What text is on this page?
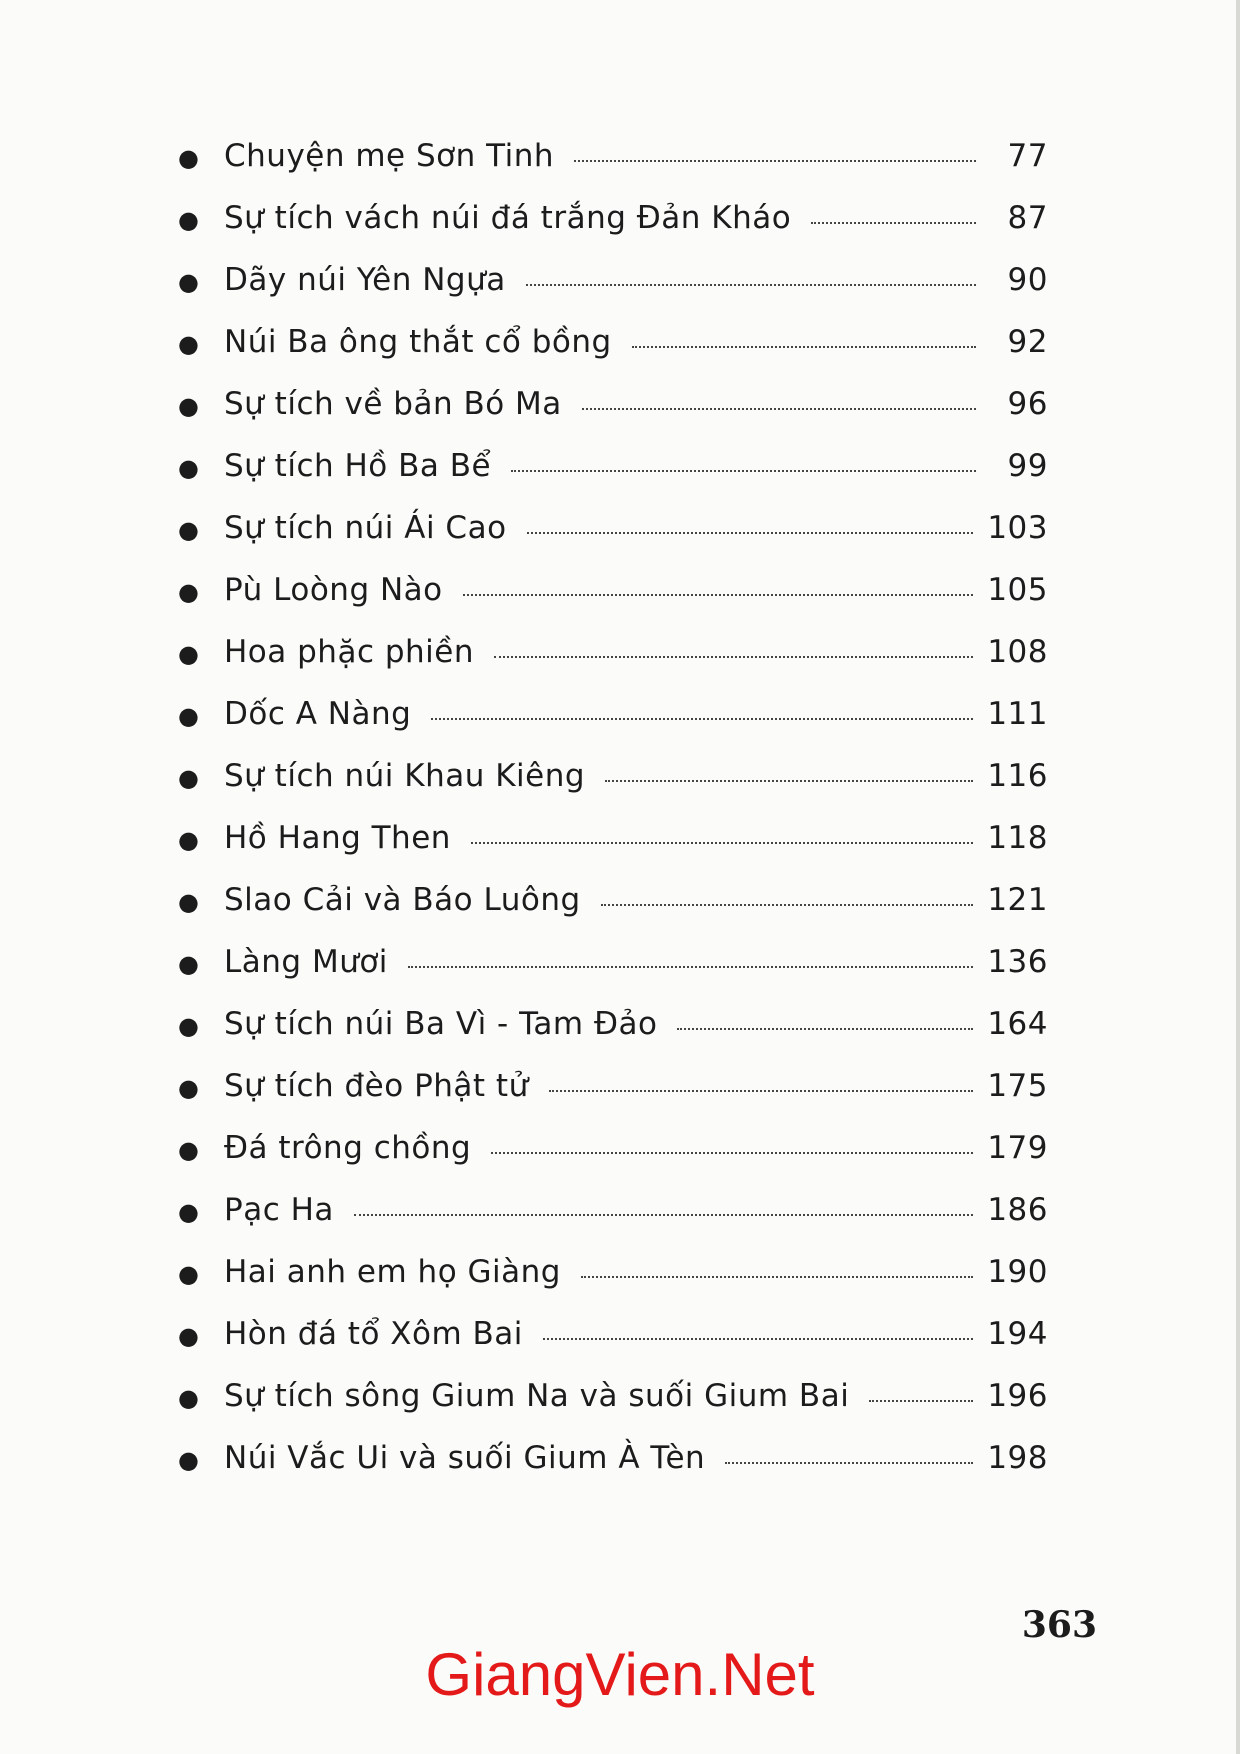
●
Chuyện mẹ Sơn Tinh	77
●
Sự tích vách núi đá trắng Đản Kháo	87
●
Dãy núi Yên Ngựa	90
●
Núi Ba ông thắt cổ bồng	92
●
Sự tích về bản Bó Ma	96
●
Sự tích Hồ Ba Bể	99
●
Sự tích núi Ái Cao	103
●
Pù Loòng Nào	105
●
Hoa phặc phiền	108
●
Dốc A Nàng	111
●
Sự tích núi Khau Kiêng	116
●
Hồ Hang Then	118
●
Slao Cải và Báo Luông	121
●
Làng Mươi	136
●
Sự tích núi Ba Vì - Tam Đảo	164
●
Sự tích đèo Phật tử	175
●
Đá trông chồng	179
●
Pạc Ha	186
●
Hai anh em họ Giàng	190
●
Hòn đá tổ Xôm Bai	194
●
Sự tích sông Gium Na và suối Gium Bai	196
●
Núi Vắc Ui và suối Gium À Tèn	198
363
GiangVien.Net
